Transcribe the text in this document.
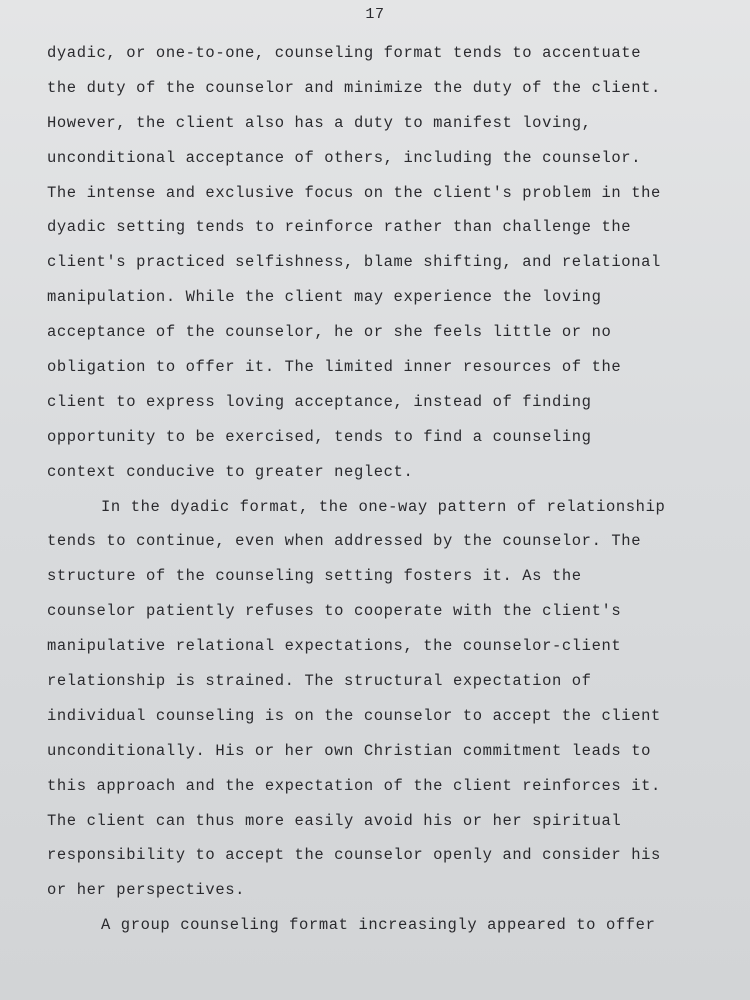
17
dyadic, or one-to-one, counseling format tends to accentuate
the duty of the counselor and minimize the duty of the client.
However, the client also has a duty to manifest loving,
unconditional acceptance of others, including the counselor.
The intense and exclusive focus on the client's problem in the
dyadic setting tends to reinforce rather than challenge the
client's practiced selfishness, blame shifting, and relational
manipulation. While the client may experience the loving
acceptance of the counselor, he or she feels little or no
obligation to offer it. The limited inner resources of the
client to express loving acceptance, instead of finding
opportunity to be exercised, tends to find a counseling
context conducive to greater neglect.
In the dyadic format, the one-way pattern of relationship
tends to continue, even when addressed by the counselor. The
structure of the counseling setting fosters it. As the
counselor patiently refuses to cooperate with the client's
manipulative relational expectations, the counselor-client
relationship is strained. The structural expectation of
individual counseling is on the counselor to accept the client
unconditionally. His or her own Christian commitment leads to
this approach and the expectation of the client reinforces it.
The client can thus more easily avoid his or her spiritual
responsibility to accept the counselor openly and consider his
or her perspectives.
A group counseling format increasingly appeared to offer
